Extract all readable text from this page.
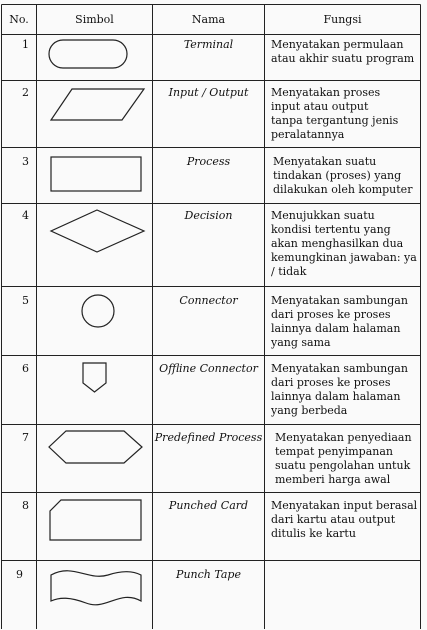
No.	Simbol	Nama	Fungsi
1	Terminal	Menyatakan permulaan
atau akhir suatu program
2	Input / Output	Menyatakan proses
input atau output
tanpa tergantung jenis
peralatannya
3	Process	Menyatakan suatu
tindakan (proses) yang
dilakukan oleh komputer
4	Decision	Menujukkan suatu
kondisi tertentu yang
akan menghasilkan dua
kemungkinan jawaban: ya
/ tidak
5	Connector	Menyatakan sambungan
dari proses ke proses
lainnya dalam halaman
yang sama
6	Offline Connector	Menyatakan sambungan
dari proses ke proses
lainnya dalam halaman
yang berbeda
7	Predefined Process Menyatakan penyediaan
tempat penyimpanan
suatu pengolahan untuk
memberi harga awal
8	Punched Card	Menyatakan input berasal
dari kartu atau output
ditulis ke kartu
9	Punch Tape
